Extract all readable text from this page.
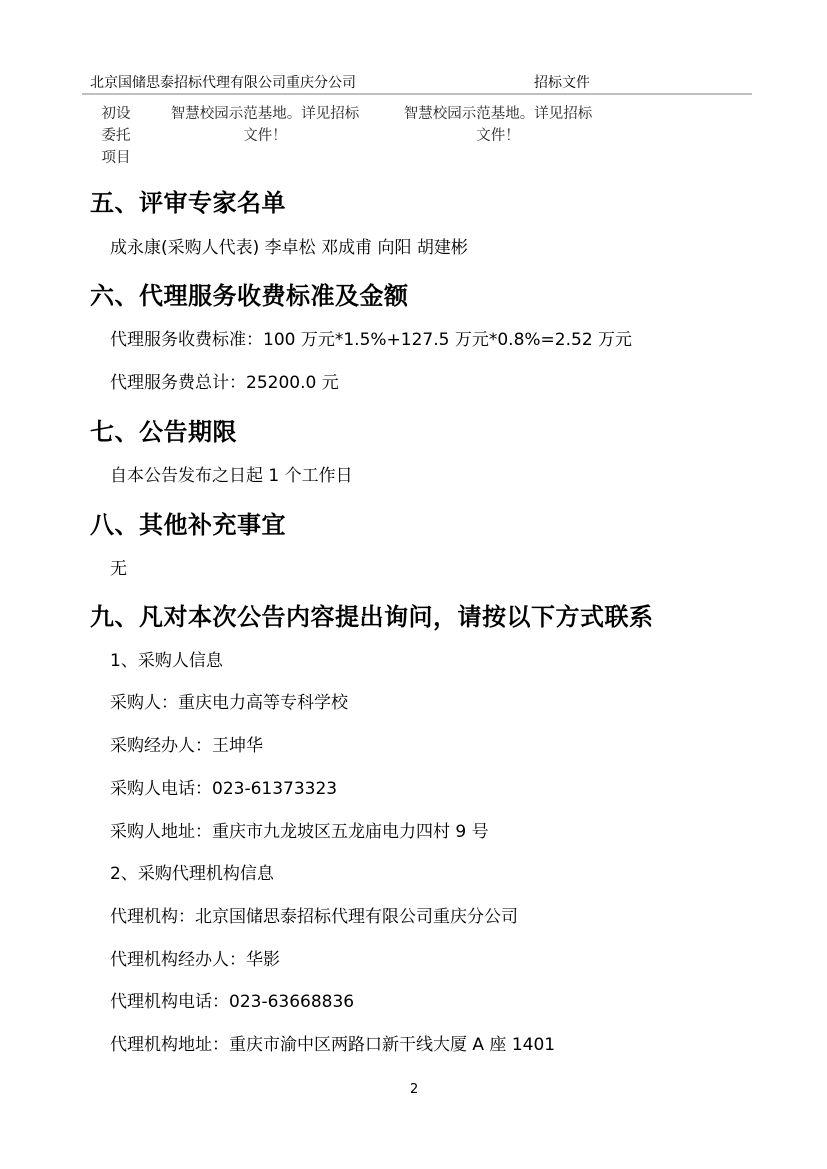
北京国储思泰招标代理有限公司重庆分公司	招标文件
初设
委托
项目
智慧校园示范基地。详见招标
文件！
智慧校园示范基地。详见招标
文件！
五、评审专家名单
成永康(采购人代表) 李卓松 邓成甫 向阳 胡建彬
六、代理服务收费标准及金额
代理服务收费标准：100 万元*1.5%+127.5 万元*0.8%=2.52 万元
代理服务费总计：25200.0 元
七、公告期限
自本公告发布之日起 1 个工作日
八、其他补充事宜
无
九、凡对本次公告内容提出询问，请按以下方式联系
1、采购人信息
采购人：重庆电力高等专科学校
采购经办人：王坤华
采购人电话：023-61373323
采购人地址：重庆市九龙坡区五龙庙电力四村 9 号
2、采购代理机构信息
代理机构：北京国储思泰招标代理有限公司重庆分公司
代理机构经办人：华影
代理机构电话：023-63668836
代理机构地址：重庆市渝中区两路口新干线大厦 A 座 1401
2
